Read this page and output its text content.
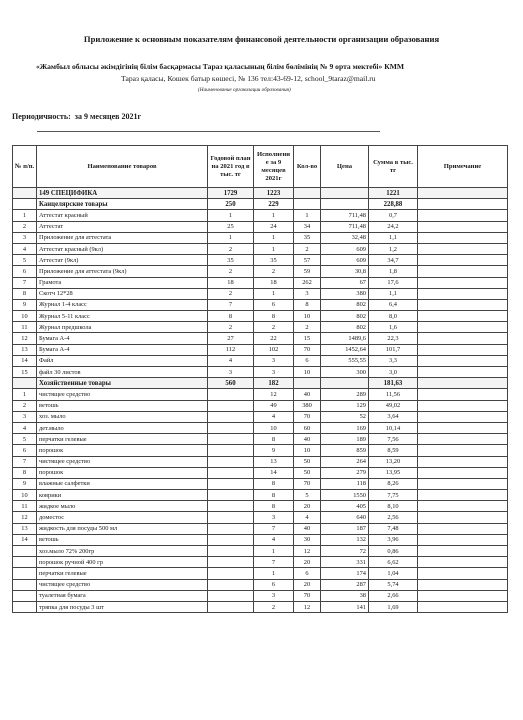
Приложение к основным показателям финансовой деятельности организации образования
«Жамбыл облысы әкімдігінің білім басқармасы Тараз қаласының білім бөлімінің № 9 орта мектебі» КММ
Тараз қаласы, Кошек батыр көшесі, № 136 тел:43-69-12, school_9taraz@mail.ru
(Наименование организации образования)
Периодичность: за 9 месяцев 2021г
№ п/п.	Наименование товаров	Годовой план на 2021 год в тыс. тг	Исполнени е за 9 месяцев 2021г	Кол-во	Цена	Сумма в тыс. тг	Примечание
	149 СПЕЦИФИКА	1729	1223			1221	
	Канцелярские товары	250	229			228,88	
1	Аттестат красный	1	1	1	711,48	0,7	
2	Аттестат	25	24	34	711,48	24,2	
3	Приложение для аттестата	1	1	35	32,48	1,1	
4	Аттестат красный (9кл)	2	1	2	609	1,2	
5	Аттестат (9кл)	35	35	57	609	34,7	
6	Приложение для аттестата (9кл)	2	2	59	30,8	1,8	
7	Грамота	18	18	262	67	17,6	
8	Скотч 12*28	2	1	3	380	1,1	
9	Журнал 1-4 класс	7	6	8	802	6,4	
10	Журнал 5-11 класс	8	8	10	802	8,0	
11	Журнал предшкола	2	2	2	802	1,6	
12	Бумага А-4	27	22	15	1489,6	22,3	
13	Бумага А-4	112	102	70	1452,64	101,7	
14	Файл	4	3	6	555,55	3,3	
15	файл 30 листов	3	3	10	300	3,0	
	Хозяйственные товары	560	182			181,63	
1	чистящее средство		12	40	289	11,56	
2	ветошь		49	380	129	49,02	
3	хоз. мыло		4	70	52	3,64	
4	дет.мыло		10	60	169	10,14	
5	перчатки гелевые		8	40	189	7,56	
6	порошок		9	10	859	8,59	
7	чистящее средство		13	50	264	13,20	
8	порошок		14	50	279	13,95	
9	влажные салфетки		8	70	118	8,26	
10	коврики		8	5	1550	7,75	
11	жидкое мыло		8	20	405	8,10	
12	доместос		3	4	640	2,56	
13	жидкость для посуды 500 мл		7	40	187	7,48	
14	ветошь		4	30	132	3,96	
	хоз.мыло 72% 200гр		1	12	72	0,86	
	порошок ручной 400 гр		7	20	331	6,62	
	перчатки гелевые		1	6	174	1,04	
	чистящее средство		6	20	287	5,74	
	туалетная бумага		3	70	38	2,66	
	тряпка для посуды 3 шт		2	12	141	1,69	
